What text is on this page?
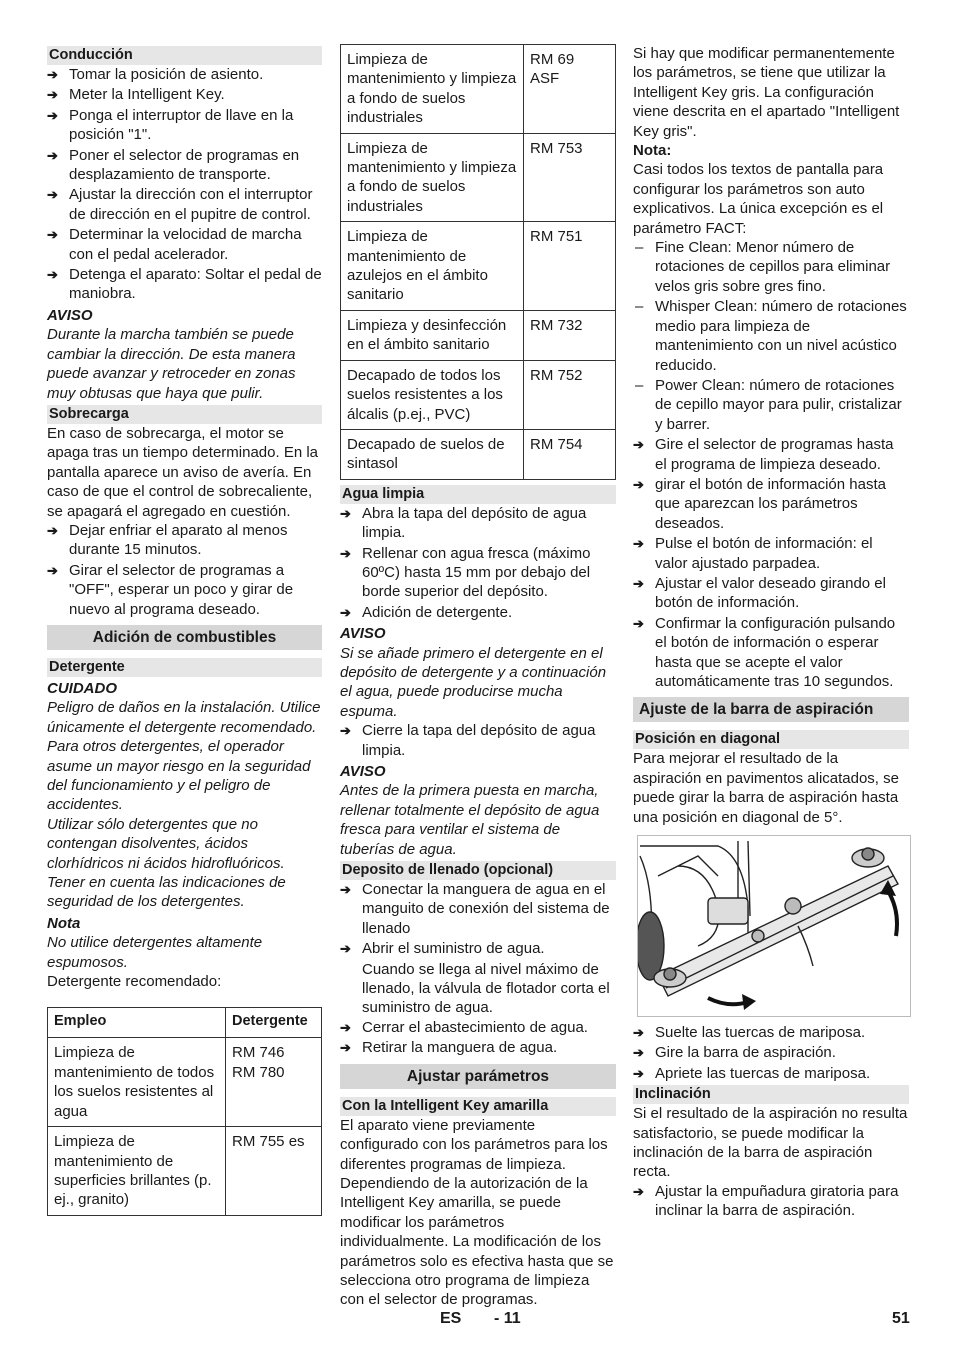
Conducción
➔ Tomar la posición de asiento.
➔ Meter la Intelligent Key.
➔ Ponga el interruptor de llave en la posición "1".
➔ Poner el selector de programas en desplazamiento de transporte.
➔ Ajustar la dirección con el interruptor de dirección en el pupitre de control.
➔ Determinar la velocidad de marcha con el pedal acelerador.
➔ Detenga el aparato: Soltar el pedal de maniobra.
AVISO

Durante la marcha también se puede cambiar la dirección. De esta manera puede avanzar y retroceder en zonas muy obtusas que haya que pulir.

Sobrecarga

En caso de sobrecarga, el motor se apaga tras un tiempo determinado. En la pantalla aparece un aviso de avería. En caso de que el control de sobrecaliente, se apagará el agregado en cuestión.

➔ Dejar enfriar el aparato al menos durante 15 minutos.
➔ Girar el selector de programas a "OFF", esperar un poco y girar de nuevo al programa deseado.
Adición de combustibles
Detergente
CUIDADO

Peligro de daños en la instalación. Utilice únicamente el detergente recomendado. Para otros detergentes, el operador asume un mayor riesgo en la seguridad del funcionamiento y el peligro de accidentes.

Utilizar sólo detergentes que no contengan disolventes, ácidos clorhídricos ni ácidos hidrofluóricos.

Tener en cuenta las indicaciones de seguridad de los detergentes.

Nota

No utilice detergentes altamente espumosos.

Detergente recomendado:

Empleo	Detergente
Limpieza de mantenimiento de todos los suelos resistentes al agua	RM 746
RM 780
Limpieza de mantenimiento de superficies brillantes (p. ej., granito)	RM 755 es
Limpieza de mantenimiento y limpieza a fondo de suelos industriales	RM 69
ASF
Limpieza de mantenimiento y limpieza a fondo de suelos industriales	RM 753
Limpieza de mantenimiento de azulejos en el ámbito sanitario	RM 751
Limpieza y desinfección en el ámbito sanitario	RM 732
Decapado de todos los suelos resistentes a los álcalis (p.ej., PVC)	RM 752
Decapado de suelos de sintasol	RM 754
Agua limpia
➔ Abra la tapa del depósito de agua limpia.
➔ Rellenar con agua fresca (máximo 60ºC) hasta 15 mm por debajo del borde superior del depósito.
➔ Adición de detergente.
AVISO

Si se añade primero el detergente en el depósito de detergente y a continuación el agua, puede producirse mucha espuma.

➔ Cierre la tapa del depósito de agua limpia.
AVISO

Antes de la primera puesta en marcha, rellenar totalmente el depósito de agua fresca para ventilar el sistema de tuberías de agua.

Deposito de llenado (opcional)
➔ Conectar la manguera de agua en el manguito de conexión del sistema de llenado
➔ Abrir el suministro de agua.

Cuando se llega al nivel máximo de llenado, la válvula de flotador corta el suministro de agua.

➔ Cerrar el abastecimiento de agua.
➔ Retirar la manguera de agua.
Ajustar parámetros
Con la Intelligent Key amarilla

El aparato viene previamente configurado con los parámetros para los diferentes programas de limpieza. Dependiendo de la autorización de la Intelligent Key amarilla, se puede modificar los parámetros individualmente. La modificación de los parámetros solo es efectiva hasta que se selecciona otro programa de limpieza con el selector de programas.

Si hay que modificar permanentemente los parámetros, se tiene que utilizar la Intelligent Key gris. La configuración viene descrita en el apartado "Intelligent Key gris".

Nota:

Casi todos los textos de pantalla para configurar los parámetros son auto explicativos. La única excepción es el parámetro FACT:

– Fine Clean: Menor número de rotaciones de cepillos para eliminar velos gris sobre gres fino.
– Whisper Clean: número de rotaciones medio para limpieza de mantenimiento con un nivel acústico reducido.
– Power Clean: número de rotaciones de cepillo mayor para pulir, cristalizar y barrer.
➔ Gire el selector de programas hasta el programa de limpieza deseado.
➔ girar el botón de información hasta que aparezcan los parámetros deseados.
➔ Pulse el botón de información: el valor ajustado parpadea.
➔ Ajustar el valor deseado girando el botón de información.
➔ Confirmar la configuración pulsando el botón de información o esperar hasta que se acepte el valor automáticamente tras 10 segundos.
Ajuste de la barra de aspiración
Posición en diagonal

Para mejorar el resultado de la aspiración en pavimentos alicatados, se puede girar la barra de aspiración hasta una posición en diagonal de 5°.

➔ Suelte las tuercas de mariposa.
➔ Gire la barra de aspiración.
➔ Apriete las tuercas de mariposa.
Inclinación

Si el resultado de la aspiración no resulta satisfactorio, se puede modificar la inclinación de la barra de aspiración recta.

➔ Ajustar la empuñadura giratoria para inclinar la barra de aspiración.
ES - 11	51
